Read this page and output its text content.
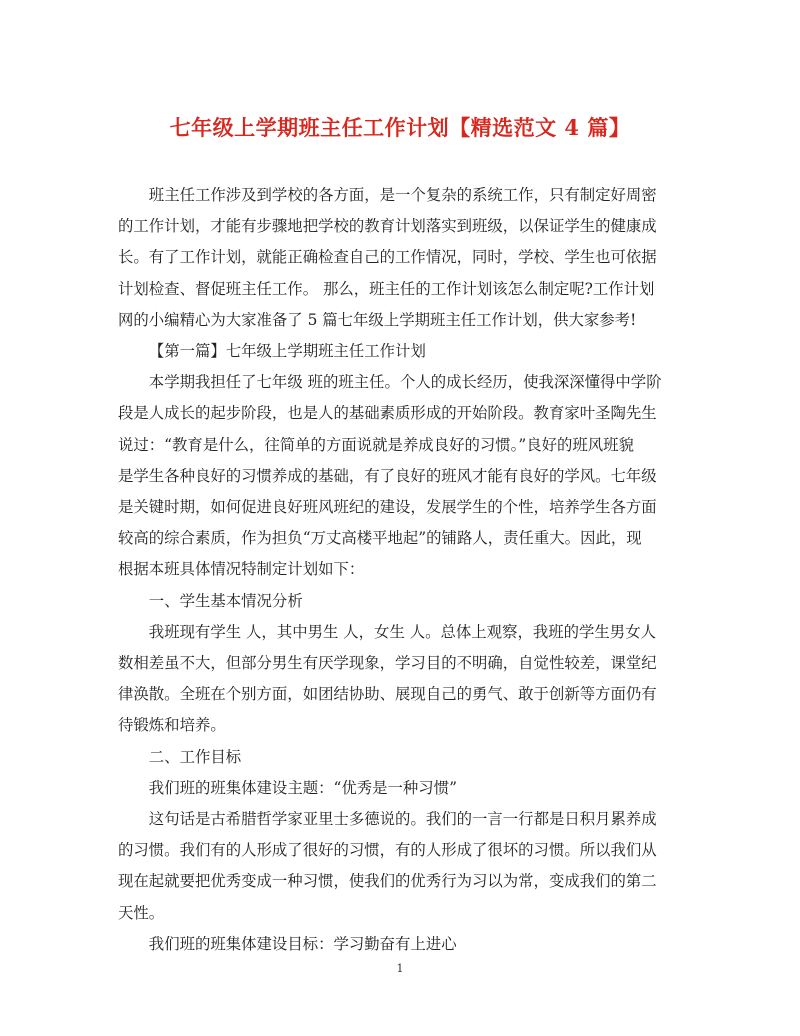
七年级上学期班主任工作计划【精选范文 4 篇】
班主任工作涉及到学校的各方面，是一个复杂的系统工作，只有制定好周密
的工作计划，才能有步骤地把学校的教育计划落实到班级，以保证学生的健康成
长。有了工作计划，就能正确检查自己的工作情况，同时，学校、学生也可依据
计划检查、督促班主任工作。 那么，班主任的工作计划该怎么制定呢?工作计划
网的小编精心为大家准备了 5 篇七年级上学期班主任工作计划，供大家参考!

【第一篇】七年级上学期班主任工作计划

本学期我担任了七年级 班的班主任。个人的成长经历，使我深深懂得中学阶
段是人成长的起步阶段，也是人的基础素质形成的开始阶段。教育家叶圣陶先生
说过：“教育是什么，往简单的方面说就是养成良好的习惯。”良好的班风班貌
是学生各种良好的习惯养成的基础，有了良好的班风才能有良好的学风。七年级
是关键时期，如何促进良好班风班纪的建设，发展学生的个性，培养学生各方面
较高的综合素质，作为担负“万丈高楼平地起”的铺路人，责任重大。因此，现
根据本班具体情况特制定计划如下：

一、学生基本情况分析

我班现有学生 人，其中男生 人，女生 人。总体上观察，我班的学生男女人
数相差虽不大，但部分男生有厌学现象，学习目的不明确，自觉性较差，课堂纪
律涣散。全班在个别方面，如团结协助、展现自己的勇气、敢于创新等方面仍有
待锻炼和培养。

二、工作目标

我们班的班集体建设主题：“优秀是一种习惯”

这句话是古希腊哲学家亚里士多德说的。我们的一言一行都是日积月累养成
的习惯。我们有的人形成了很好的习惯，有的人形成了很坏的习惯。所以我们从
现在起就要把优秀变成一种习惯，使我们的优秀行为习以为常，变成我们的第二
天性。

我们班的班集体建设目标：学习勤奋有上进心

1
